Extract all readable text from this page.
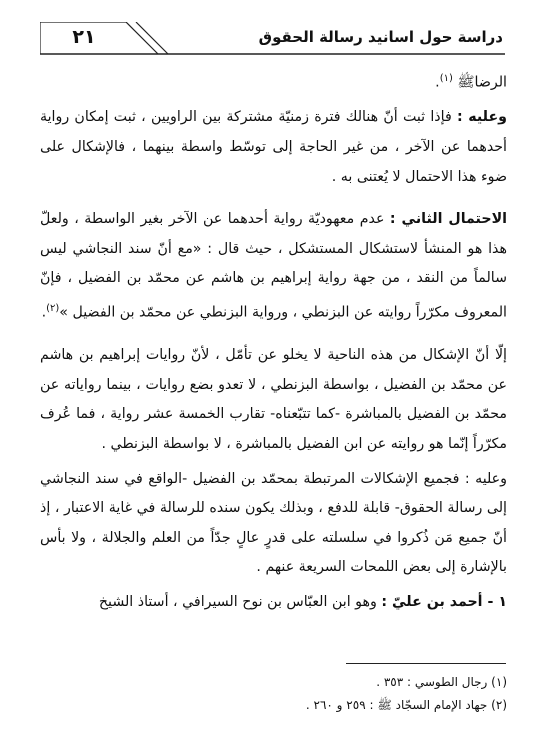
٢١	دراسة حول اسانيد رسالة الحقوق

الرضاﷺ $^{(١)}$.

وعليه : فإذا ثبت أنّ هنالك فترة زمنيّة مشتركة بين الراويين ، ثبت إمكان رواية أحدهما عن الآخر ، من غير الحاجة إلى توسّط واسطة بينهما ، فالإشكال على ضوء هذا الاحتمال لا يُعتنى به .

الاحتمال الثاني : عدم معهوديّة رواية أحدهما عن الآخر بغير الواسطة ، ولعلّ هذا هو المنشأ لاستشكال المستشكل ، حيث قال : «مع أنّ سند النجاشي ليس سالماً من النقد ، من جهة رواية إبراهيم بن هاشم عن محمّد بن الفضيل ، فإنّ المعروف مكرّراً روايته عن البزنطي ، ورواية البزنطي عن محمّد بن الفضيل »$^{(٢)}$.

إلّا أنّ الإشكال من هذه الناحية لا يخلو عن تأمّل ، لأنّ روايات إبراهيم بن هاشم عن محمّد بن الفضيل ، بواسطة البزنطي ، لا تعدو بضع روايات ، بينما رواياته عن محمّد بن الفضيل بالمباشرة -كما تتبّعناه- تقارب الخمسة عشر رواية ، فما عُرف مكرّراً إنّما هو روايته عن ابن الفضيل بالمباشرة ، لا بواسطة البزنطي .

وعليه : فجميع الإشكالات المرتبطة بمحمّد بن الفضيل -الواقع في سند النجاشي إلى رسالة الحقوق- قابلة للدفع ، وبذلك يكون سنده للرسالة في غاية الاعتبار ، إذ أنّ جميع مَن ذُكروا في سلسلته على قدرٍ عالٍ جدّاً من العلم والجلالة ، ولا بأس بالإشارة إلى بعض اللمحات السريعة عنهم .

١ - أحمد بن عليّ : وهو ابن العبّاس بن نوح السيرافي ، أستاذ الشيخ

(١) رجال الطوسي : ٣٥٣ .
(٢) جهاد الإمام السجّاد ﷺ : ٢٥٩ و ٢٦٠ .
